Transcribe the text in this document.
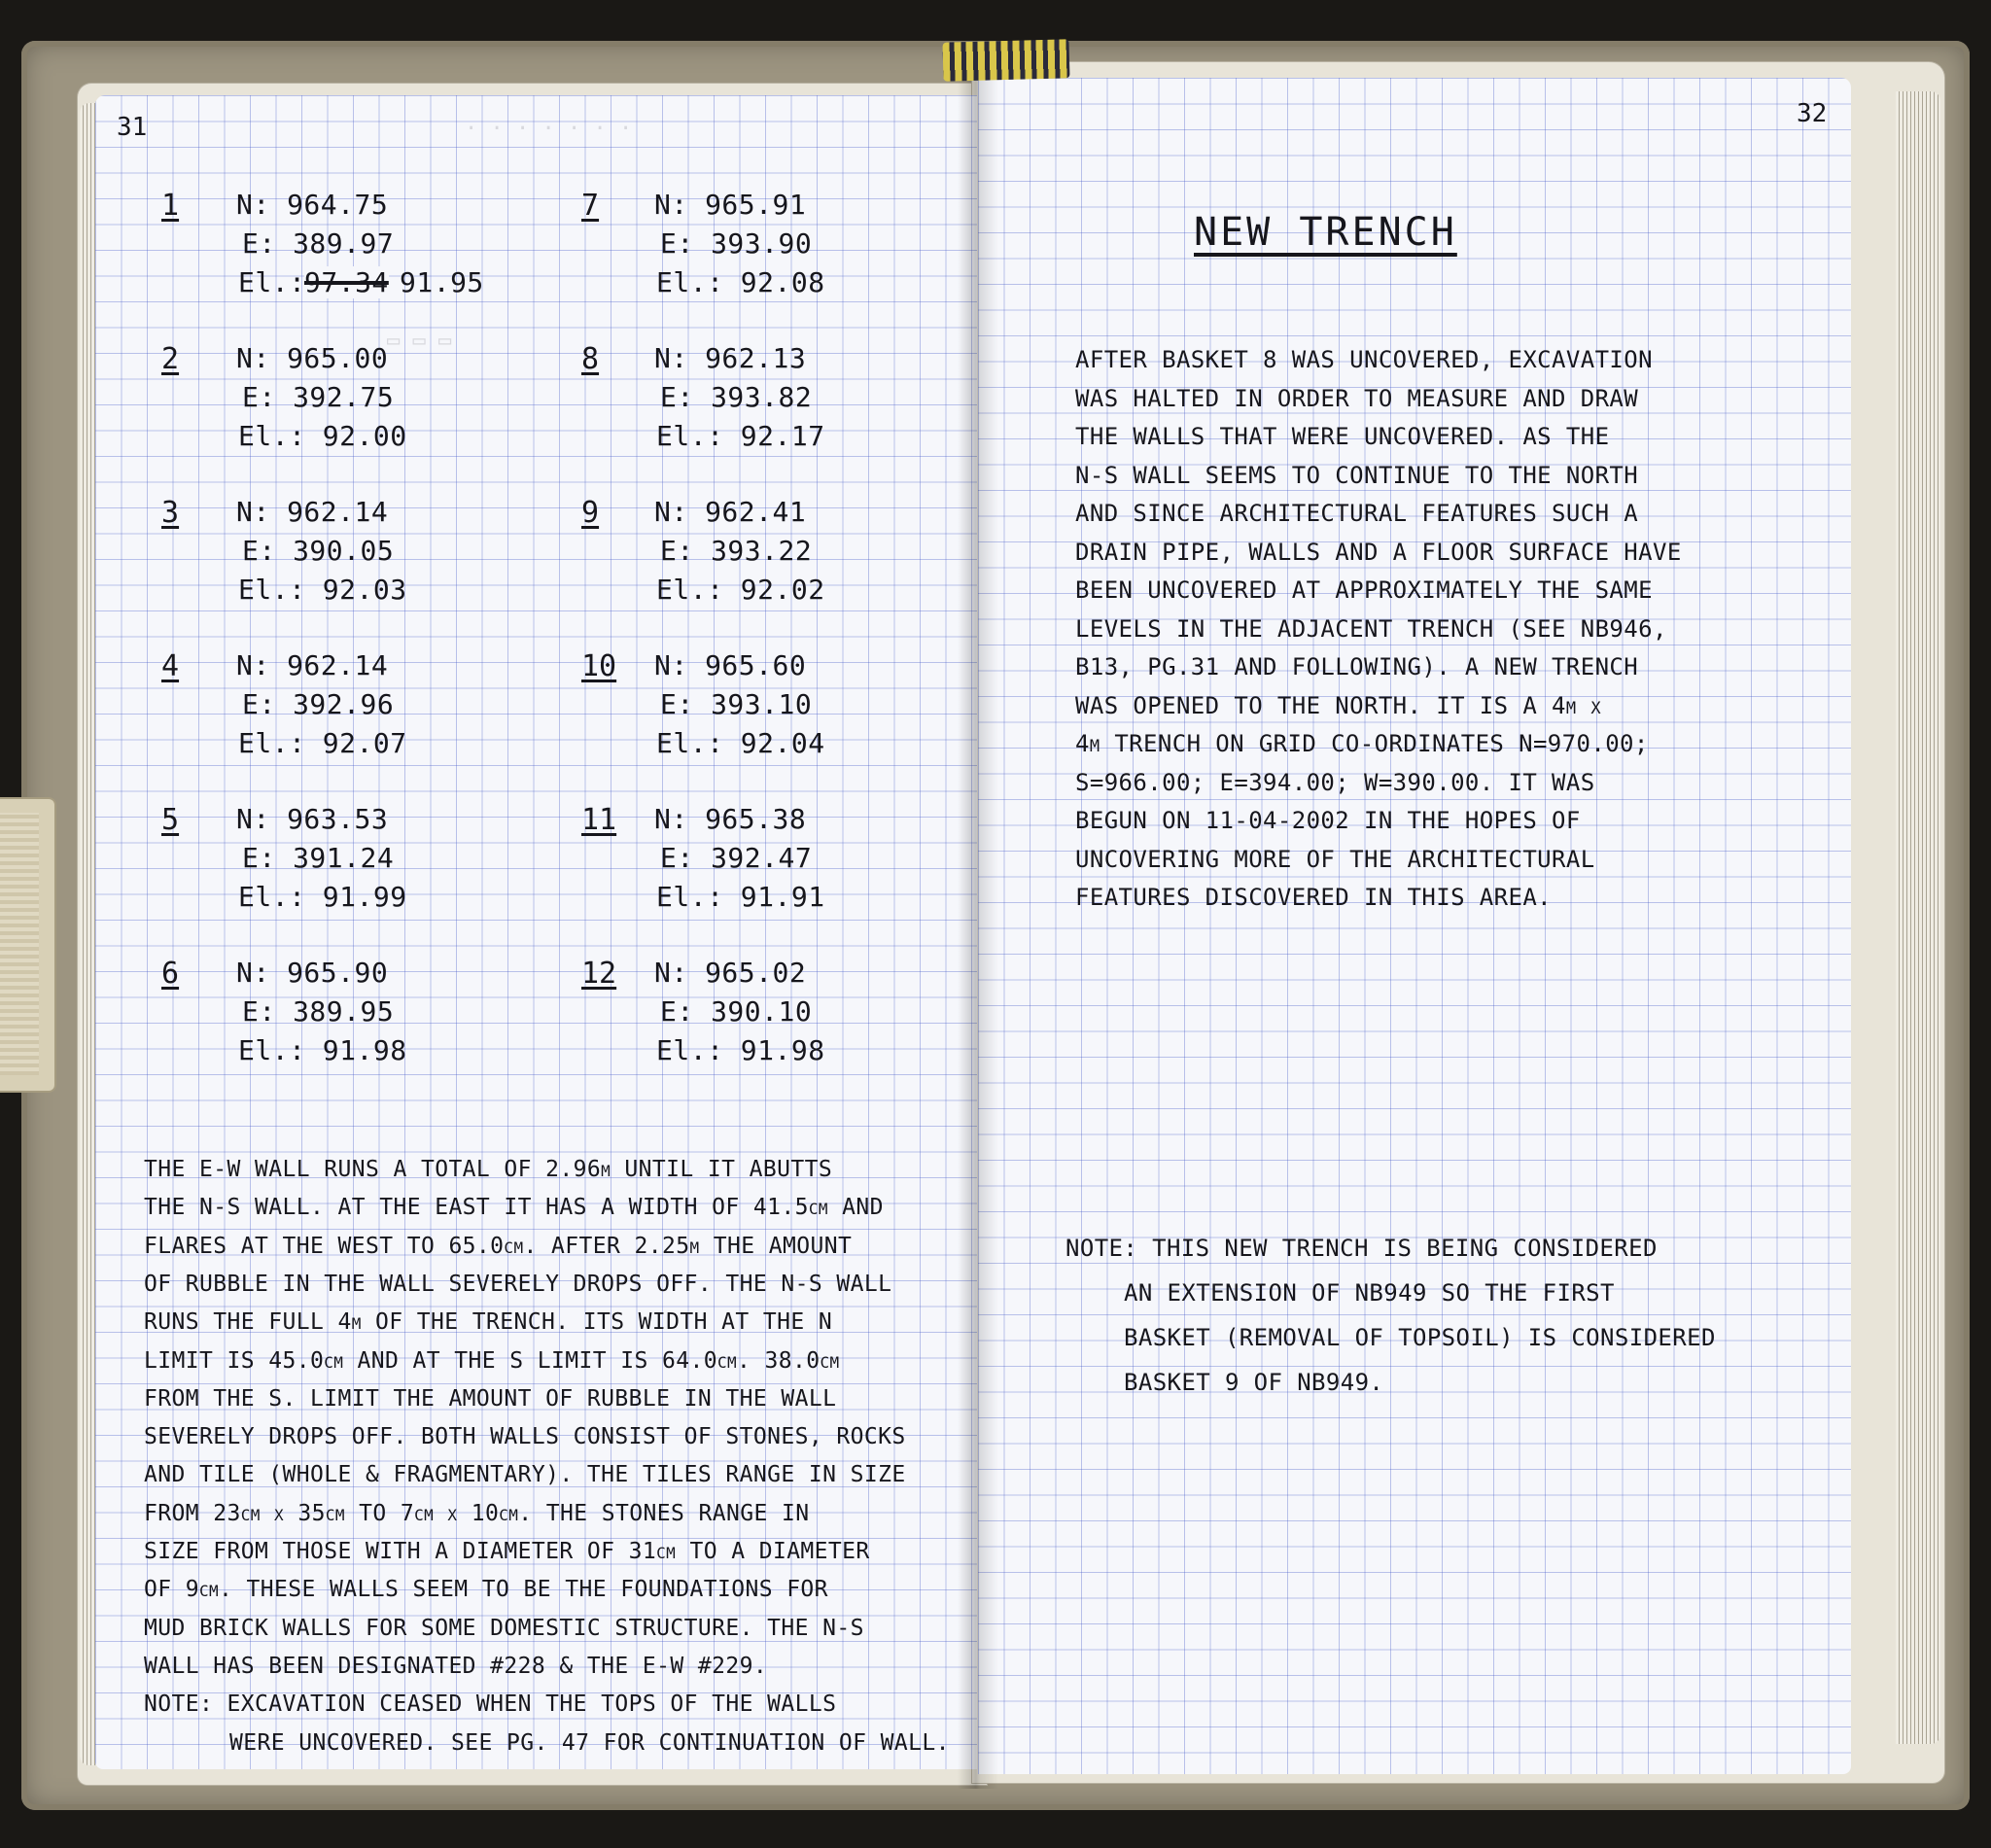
· · · · · · ·
▭ ▭ ▭

31

1 N: 964.75

E: 389.97

97.34

El.:	91.95

2 N: 965.00

E: 392.75

El.: 92.00

3 N: 962.14

E: 390.05

El.: 92.03

4 N: 962.14

E: 392.96

El.: 92.07

5 N: 963.53

E: 391.24

El.: 91.99

6 N: 965.90

E: 389.95

El.: 91.98

7 N: 965.91

E: 393.90

El.: 92.08

8 N: 962.13

E: 393.82

El.: 92.17

9 N: 962.41

E: 393.22

El.: 92.02

10 N: 965.60

E: 393.10

El.: 92.04

11 N: 965.38

E: 392.47

El.: 91.91

12 N: 965.02

E: 390.10

El.: 91.98

THE E-W WALL RUNS A TOTAL OF 2.96m UNTIL IT ABUTTS

THE N-S WALL. AT THE EAST IT HAS A WIDTH OF 41.5cm AND

FLARES AT THE WEST TO 65.0cm. AFTER 2.25m THE AMOUNT

OF RUBBLE IN THE WALL SEVERELY DROPS OFF. THE N-S WALL

RUNS THE FULL 4m OF THE TRENCH. ITS WIDTH AT THE N

LIMIT IS 45.0cm AND AT THE S LIMIT IS 64.0cm. 38.0cm

FROM THE S. LIMIT THE AMOUNT OF RUBBLE IN THE WALL

SEVERELY DROPS OFF. BOTH WALLS CONSIST OF STONES, ROCKS

AND TILE (WHOLE & FRAGMENTARY). THE TILES RANGE IN SIZE

FROM 23cm x 35cm TO 7cm x 10cm. THE STONES RANGE IN

SIZE FROM THOSE WITH A DIAMETER OF 31cm TO A DIAMETER

OF 9cm. THESE WALLS SEEM TO BE THE FOUNDATIONS FOR

MUD BRICK WALLS FOR SOME DOMESTIC STRUCTURE. THE N-S

WALL HAS BEEN DESIGNATED #228 & THE E-W #229.

NOTE: EXCAVATION CEASED WHEN THE TOPS OF THE WALLS

WERE UNCOVERED. SEE PG. 47 FOR CONTINUATION OF WALL.

32

NEW TRENCH

AFTER BASKET 8 WAS UNCOVERED, EXCAVATION

WAS HALTED IN ORDER TO MEASURE AND DRAW

THE WALLS THAT WERE UNCOVERED. AS THE

N-S WALL SEEMS TO CONTINUE TO THE NORTH

AND SINCE ARCHITECTURAL FEATURES SUCH A

DRAIN PIPE, WALLS AND A FLOOR SURFACE HAVE

BEEN UNCOVERED AT APPROXIMATELY THE SAME

LEVELS IN THE ADJACENT TRENCH (SEE NB946,

B13, PG.31 AND FOLLOWING). A NEW TRENCH

WAS OPENED TO THE NORTH. IT IS A 4m x

4m TRENCH ON GRID CO-ORDINATES N=970.00;

S=966.00; E=394.00; W=390.00. IT WAS

BEGUN ON 11-04-2002 IN THE HOPES OF

UNCOVERING MORE OF THE ARCHITECTURAL

FEATURES DISCOVERED IN THIS AREA.

NOTE: THIS NEW TRENCH IS BEING CONSIDERED

AN EXTENSION OF NB949 SO THE FIRST

BASKET (REMOVAL OF TOPSOIL) IS CONSIDERED

BASKET 9 OF NB949.
